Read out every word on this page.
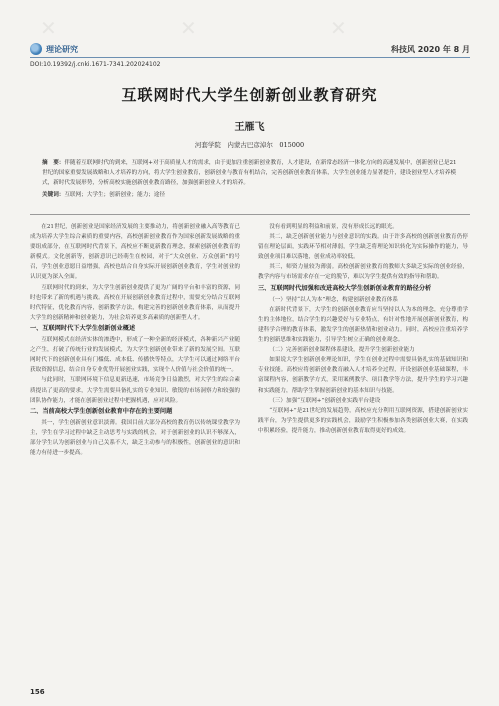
✕	✕	✕
✕
理论研究	科技风 2020 年 8 月
DOI:10.19392/j.cnki.1671-7341.202024102
互联网时代大学生创新创业教育研究
王雁飞
河套学院　内蒙古巴彦淖尔　015000
摘　要：伴随着互联网时代的到来，互联网+对于高质量人才的需求，由于更加注重创新创业教育，人才建设，在新常态经济一体化方向的高速发展中，创新创业已是21世纪的国家重要发展战略和人才培养的方向，将大学生创业教育，创新创业与教育有机结合，完善创新创业教育体系，大学生创业能力显著提升，建设创业型人才培养模式，新时代发展形势，分析高校实施创新创业教育路径，加强创新创业人才的培养。
关键词：互联网；大学生；创新创业；能力；途径

在21世纪，创新创业是国家经济发展的主要推动力，将创新创业融入高等教育已成为培养大学生综合素质的重要内容，高校创新创业教育作为国家创新发展战略的重要组成部分，在互联网时代背景下，高校应不断更新教育理念，探索创新创业教育的新模式。文化创新等，创新意识已经萌生在校园，对于“大众创业、万众创新”的号召，学生创业意愿日益增强，高校也结合自身实际开展创新创业教育，学生对创业的认识更为深入全面。

互联网时代的到来，为大学生创新创业提供了更为广阔的平台和丰富的资源，同时也带来了新的机遇与挑战。高校在开展创新创业教育过程中，需要充分结合互联网时代特征，优化教育内容，创新教学方法，构建完善的创新创业教育体系，从而提升大学生的创新精神和创业能力，为社会培养更多高素质的创新型人才。

一、互联网时代下大学生创新创业概述

互联网模式在经济实体的渗透中，形成了一种全新的经济模式，各种新兴产业随之产生，打破了传统行业的发展模式，为大学生创新创业带来了新的发展空间。互联网时代下的创新创业具有门槛低、成本低、传播快等特点，大学生可以通过网络平台获取资源信息，结合自身专业优势开展创业实践，实现个人价值与社会价值的统一。

与此同时，互联网环境下信息更新迅速，市场竞争日益激烈，对大学生的综合素质提出了更高的要求，大学生需要具备扎实的专业知识、敏锐的市场洞察力和较强的团队协作能力，才能在创新创业过程中把握机遇，应对风险。

二、当前高校大学生创新创业教育中存在的主要问题

其一，学生创新创业意识淡薄。我国目前大部分高校的教育仍以传统课堂教学为主，学生在学习过程中缺乏主动思考与实践的机会，对于创新创业的认识不够深入，部分学生认为创新创业与自己关系不大，缺乏主动参与的积极性，创新创业的意识和能力有待进一步提高。

没有看到明显的利益和前景，没有形成长远的眼光。

其二，缺乏创新创业能力与创业意识的实践。由于许多高校的创新创业教育仍停留在理论层面，实践环节相对薄弱，学生缺乏将理论知识转化为实际操作的能力，导致创业项目难以落地，创业成功率较低。

其三，师资力量较为薄弱。高校创新创业教育的教师大多缺乏实际的创业经验，教学内容与市场需求存在一定的脱节，难以为学生提供有效的指导和帮助。

三、互联网时代加强和改进高校大学生创新创业教育的路径分析

（一）坚持“以人为本”理念，构建创新创业教育体系

在新时代背景下，大学生的创新创业教育应当坚持以人为本的理念，充分尊重学生的主体地位，结合学生的兴趣爱好与专业特点，有针对性地开展创新创业教育，构建科学合理的教育体系，激发学生的创新热情和创业动力。同时，高校应注重培养学生的创新思维和实践能力，引导学生树立正确的创业观念。

（二）完善创新创业课程体系建设，提升学生创新创业能力

如果说大学生创新创业理论知识，学生在创业过程中需要具备扎实的基础知识和专业技能。高校应将创新创业教育融入人才培养全过程，开设创新创业基础课程，丰富课程内容，创新教学方式，采用案例教学、项目教学等方法，提升学生的学习兴趣和实践能力，帮助学生掌握创新创业的基本知识与技能。

（三）加强“互联网+”创新创业实践平台建设

“互联网+”是21世纪的发展趋势，高校应充分利用互联网资源，搭建创新创业实践平台，为学生提供更多的实践机会，鼓励学生积极参加各类创新创业大赛，在实践中积累经验，提升能力，推动创新创业教育取得更好的成效。

156
